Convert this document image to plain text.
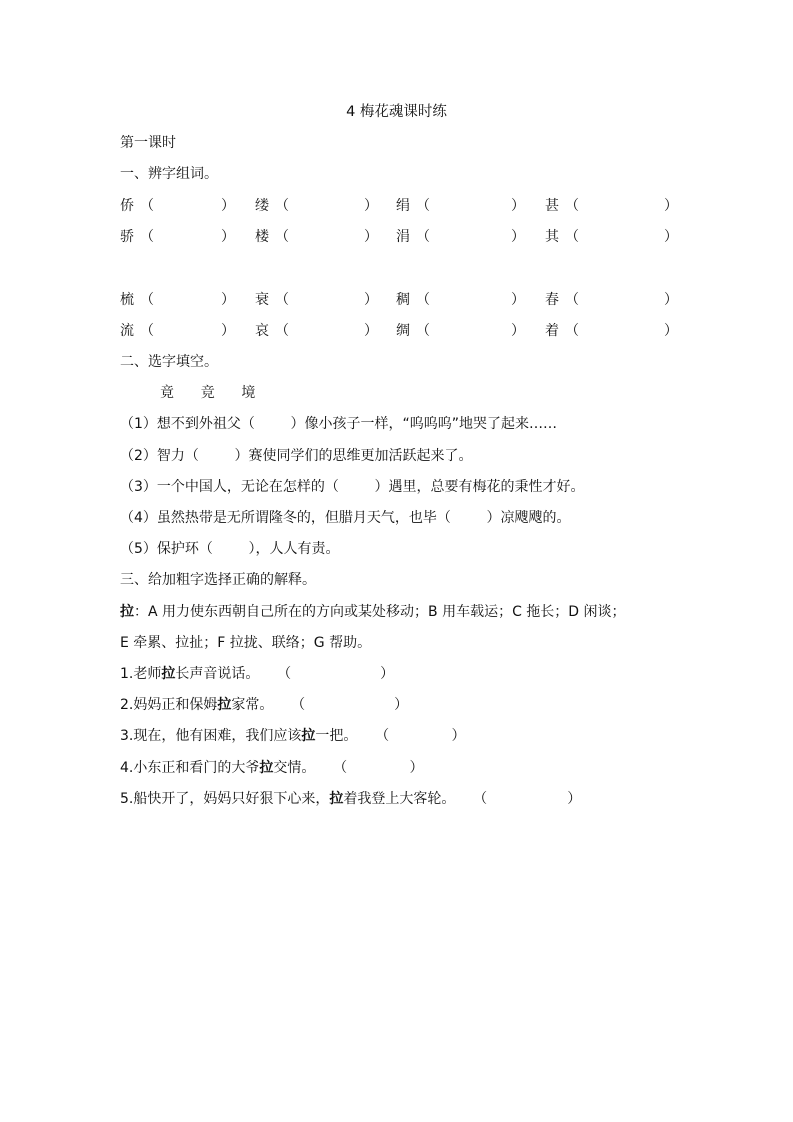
4 梅花魂课时练
第一课时
一、辨字组词。
侨 （	） 缕 （	） 绢 （	） 甚 （	）
骄 （	） 楼 （	） 涓 （	） 其 （	）
梳 （	） 衰 （	） 稠 （	） 春 （	）
流 （	） 哀 （	） 绸 （	） 着 （	）
二、选字填空。
竟      竞      境
（1）想不到外祖父（        ）像小孩子一样，“呜呜呜”地哭了起来……
（2）智力（        ）赛使同学们的思维更加活跃起来了。
（3）一个中国人，无论在怎样的（        ）遇里，总要有梅花的秉性才好。
（4）虽然热带是无所谓隆冬的，但腊月天气，也毕（        ）凉飕飕的。
（5）保护环（        ），人人有责。
三、给加粗字选择正确的解释。
拉：A 用力使东西朝自己所在的方向或某处移动；B 用车载运；C 拖长；D 闲谈；
E 牵累、拉扯；F 拉拢、联络；G 帮助。
1.老师拉长声音说话。 （                    ）
2.妈妈正和保姆拉家常。 （                    ）
3.现在，他有困难，我们应该拉一把。 （              ）
4.小东正和看门的大爷拉交情。 （              ）
5.船快开了，妈妈只好狠下心来，拉着我登上大客轮。 （                  ）
